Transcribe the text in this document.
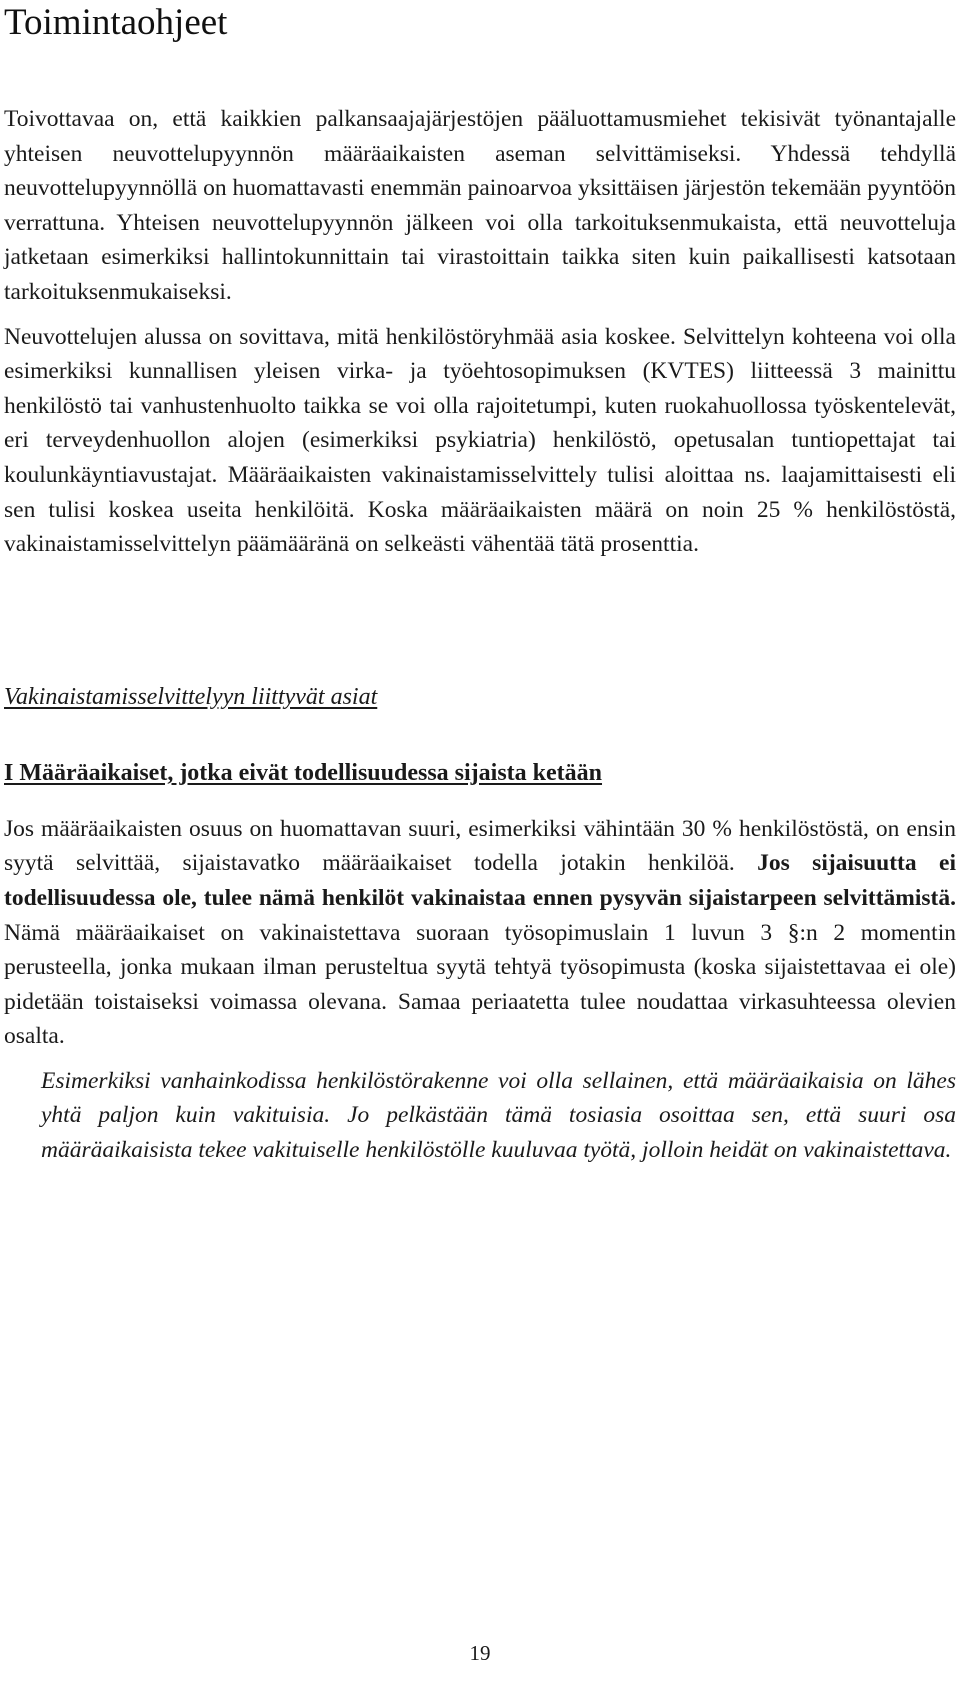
Toimintaohjeet

Toivottavaa on, että kaikkien palkansaajajärjestöjen pääluottamusmiehet tekisivät työnantajalle yhteisen neuvottelupyynnön määräaikaisten aseman selvittämiseksi. Yhdessä tehdyllä neuvottelupyynnöllä on huomattavasti enemmän painoarvoa yksittäisen järjestön tekemään pyyntöön verrattuna. Yhteisen neuvottelupyynnön jälkeen voi olla tarkoituksenmukaista, että neuvotteluja jatketaan esimerkiksi hallintokunnittain tai virastoittain taikka siten kuin paikallisesti katsotaan tarkoituksenmukaiseksi.

Neuvottelujen alussa on sovittava, mitä henkilöstöryhmää asia koskee. Selvittelyn kohteena voi olla esimerkiksi kunnallisen yleisen virka- ja työehtosopimuksen (KVTES) liitteessä 3 mainittu henkilöstö tai vanhustenhuolto taikka se voi olla rajoitetumpi, kuten ruokahuollossa työskentelevät, eri terveydenhuollon alojen (esimerkiksi psykiatria) henkilöstö, opetusalan tuntiopettajat tai koulunkäyntiavustajat. Määräaikaisten vakinaistamisselvittely tulisi aloittaa ns. laajamittaisesti eli sen tulisi koskea useita henkilöitä. Koska määräaikaisten määrä on noin 25 % henkilöstöstä, vakinaistamisselvittelyn päämääränä on selkeästi vähentää tätä prosenttia.

Vakinaistamisselvittelyyn liittyvät asiat
I Määräaikaiset, jotka eivät todellisuudessa sijaista ketään

Jos määräaikaisten osuus on huomattavan suuri, esimerkiksi vähintään 30 % henkilöstöstä, on ensin syytä selvittää, sijaistavatko määräaikaiset todella jotakin henkilöä. Jos sijaisuutta ei todellisuudessa ole, tulee nämä henkilöt vakinaistaa ennen pysyvän sijaistarpeen selvittämistä. Nämä määräaikaiset on vakinaistettava suoraan työsopimuslain 1 luvun 3 §:n 2 momentin perusteella, jonka mukaan ilman perusteltua syytä tehtyä työsopimusta (koska sijaistettavaa ei ole) pidetään toistaiseksi voimassa olevana. Samaa periaatetta tulee noudattaa virkasuhteessa olevien osalta.

Esimerkiksi vanhainkodissa henkilöstörakenne voi olla sellainen, että määräaikaisia on lähes yhtä paljon kuin vakituisia. Jo pelkästään tämä tosiasia osoittaa sen, että suuri osa määräaikaisista tekee vakituiselle henkilöstölle kuuluvaa työtä, jolloin heidät on vakinaistettava.

19
